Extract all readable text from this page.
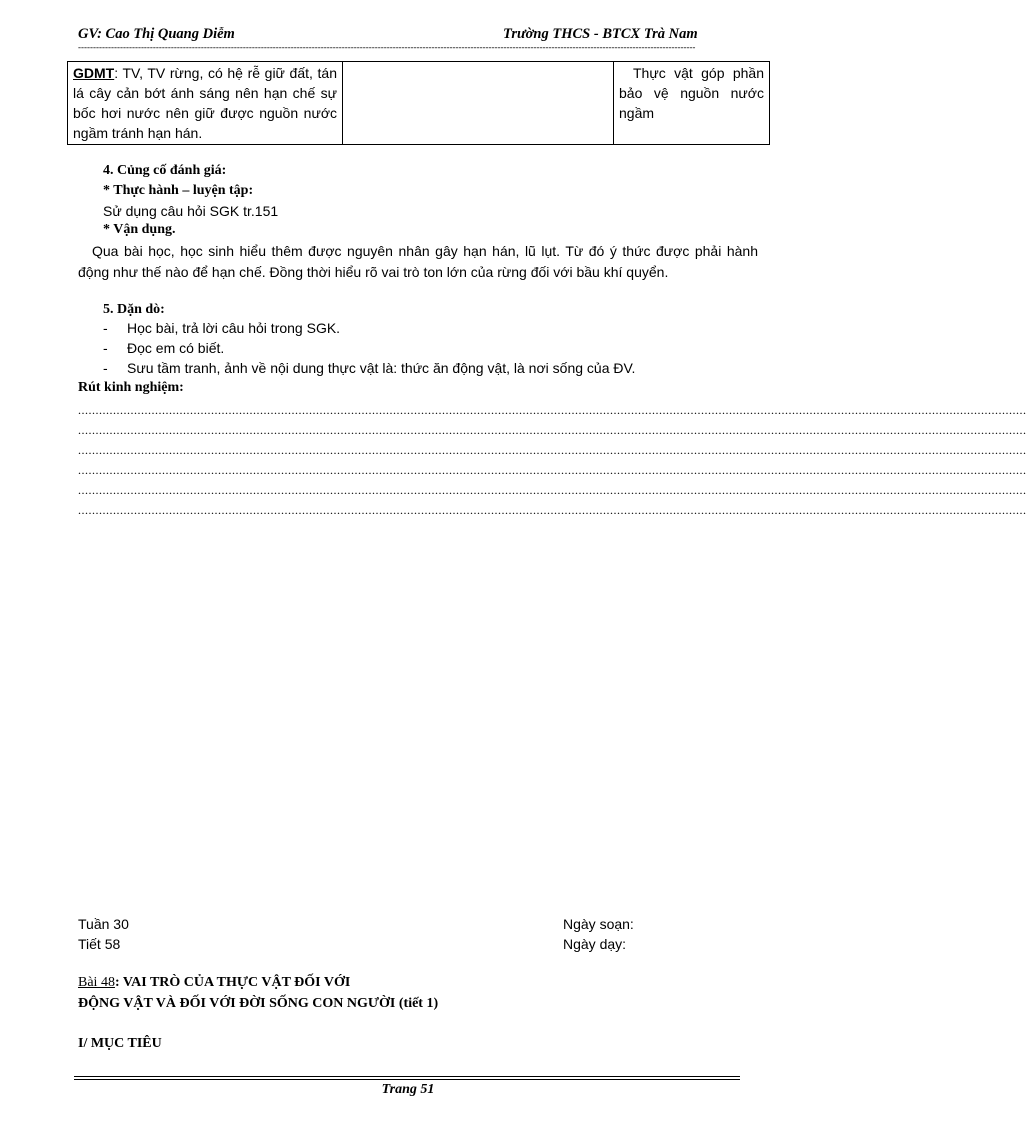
GV: Cao Thị Quang Diễm	Trường THCS - BTCX Trà Nam
--------------------------------------------------------------------------------------------------------------------------------------------------------------------------------------------------------------
GDMT: TV, TV rừng, có hệ rễ giữ đất, tán lá cây cản bớt ánh sáng nên hạn chế sự bốc hơi nước nên giữ được nguồn nước ngầm tránh hạn hán.		Thực vật góp phần bảo vệ nguồn nước ngầm
4. Củng cố đánh giá:
* Thực hành – luyện tập:
Sử dụng câu hỏi SGK tr.151
* Vận dụng.
Qua bài học, học sinh hiểu thêm được nguyên nhân gây hạn hán, lũ lụt. Từ đó ý thức được phải hành động như thế nào để hạn chế. Đồng thời hiểu rõ vai trò ton lớn của rừng đối với bầu khí quyển.
5. Dặn dò:
- Học bài, trả lời câu hỏi trong SGK.
- Đọc em có biết.
- Sưu tầm tranh, ảnh về nội dung thực vật là: thức ăn động vật, là nơi sống của ĐV.
Rút kinh nghiệm:
...............................................................................................................................................................................................................................................................................
...............................................................................................................................................................................................................................................................................
...............................................................................................................................................................................................................................................................................
...............................................................................................................................................................................................................................................................................
...............................................................................................................................................................................................................................................................................
...............................................................................................................................................................................................................................................................................
Tuần 30
Tiết 58
Ngày soạn:
Ngày dạy:
Bài 48: VAI TRÒ CỦA THỰC VẬT ĐỐI VỚI
ĐỘNG VẬT VÀ ĐỐI VỚI ĐỜI SỐNG CON NGƯỜI (tiết 1)
I/ MỤC TIÊU
Trang 51
